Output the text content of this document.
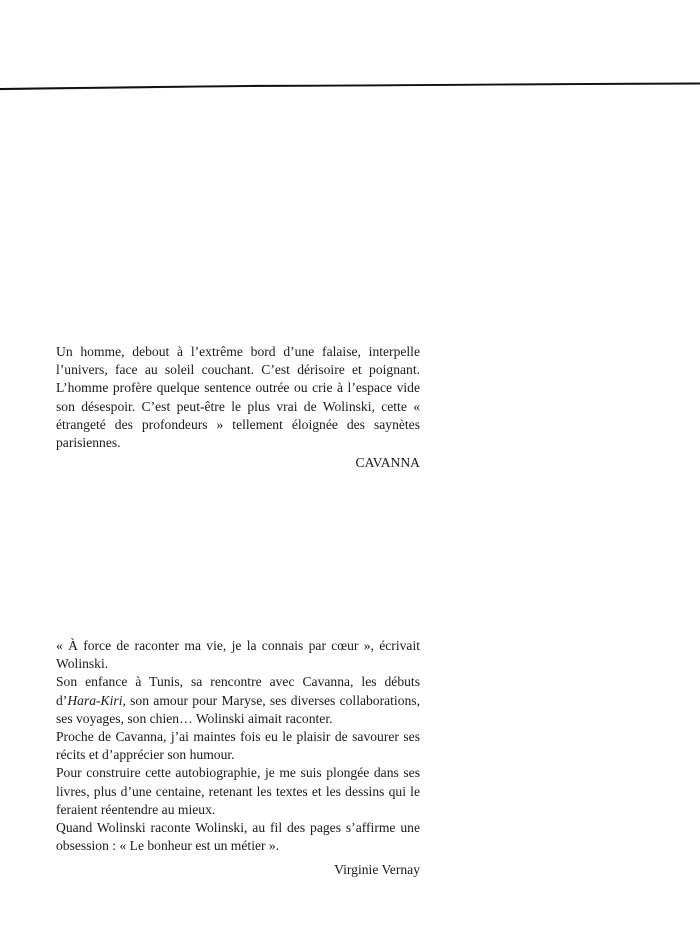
Un homme, debout à l’extrême bord d’une falaise, interpelle l’univers, face au soleil couchant. C’est dérisoire et poignant. L’homme profère quelque sentence outrée ou crie à l’espace vide son désespoir. C’est peut-être le plus vrai de Wolinski, cette « étrangeté des profondeurs » tellement éloignée des saynètes parisiennes.

CAVANNA

« À force de raconter ma vie, je la connais par cœur », écrivait Wolinski.

Son enfance à Tunis, sa rencontre avec Cavanna, les débuts d’Hara-Kiri, son amour pour Maryse, ses diverses collaborations, ses voyages, son chien… Wolinski aimait raconter.

Proche de Cavanna, j’ai maintes fois eu le plaisir de savourer ses récits et d’apprécier son humour.

Pour construire cette autobiographie, je me suis plongée dans ses livres, plus d’une centaine, retenant les textes et les dessins qui le feraient réentendre au mieux.

Quand Wolinski raconte Wolinski, au fil des pages s’affirme une obsession : « Le bonheur est un métier ».

Virginie Vernay
